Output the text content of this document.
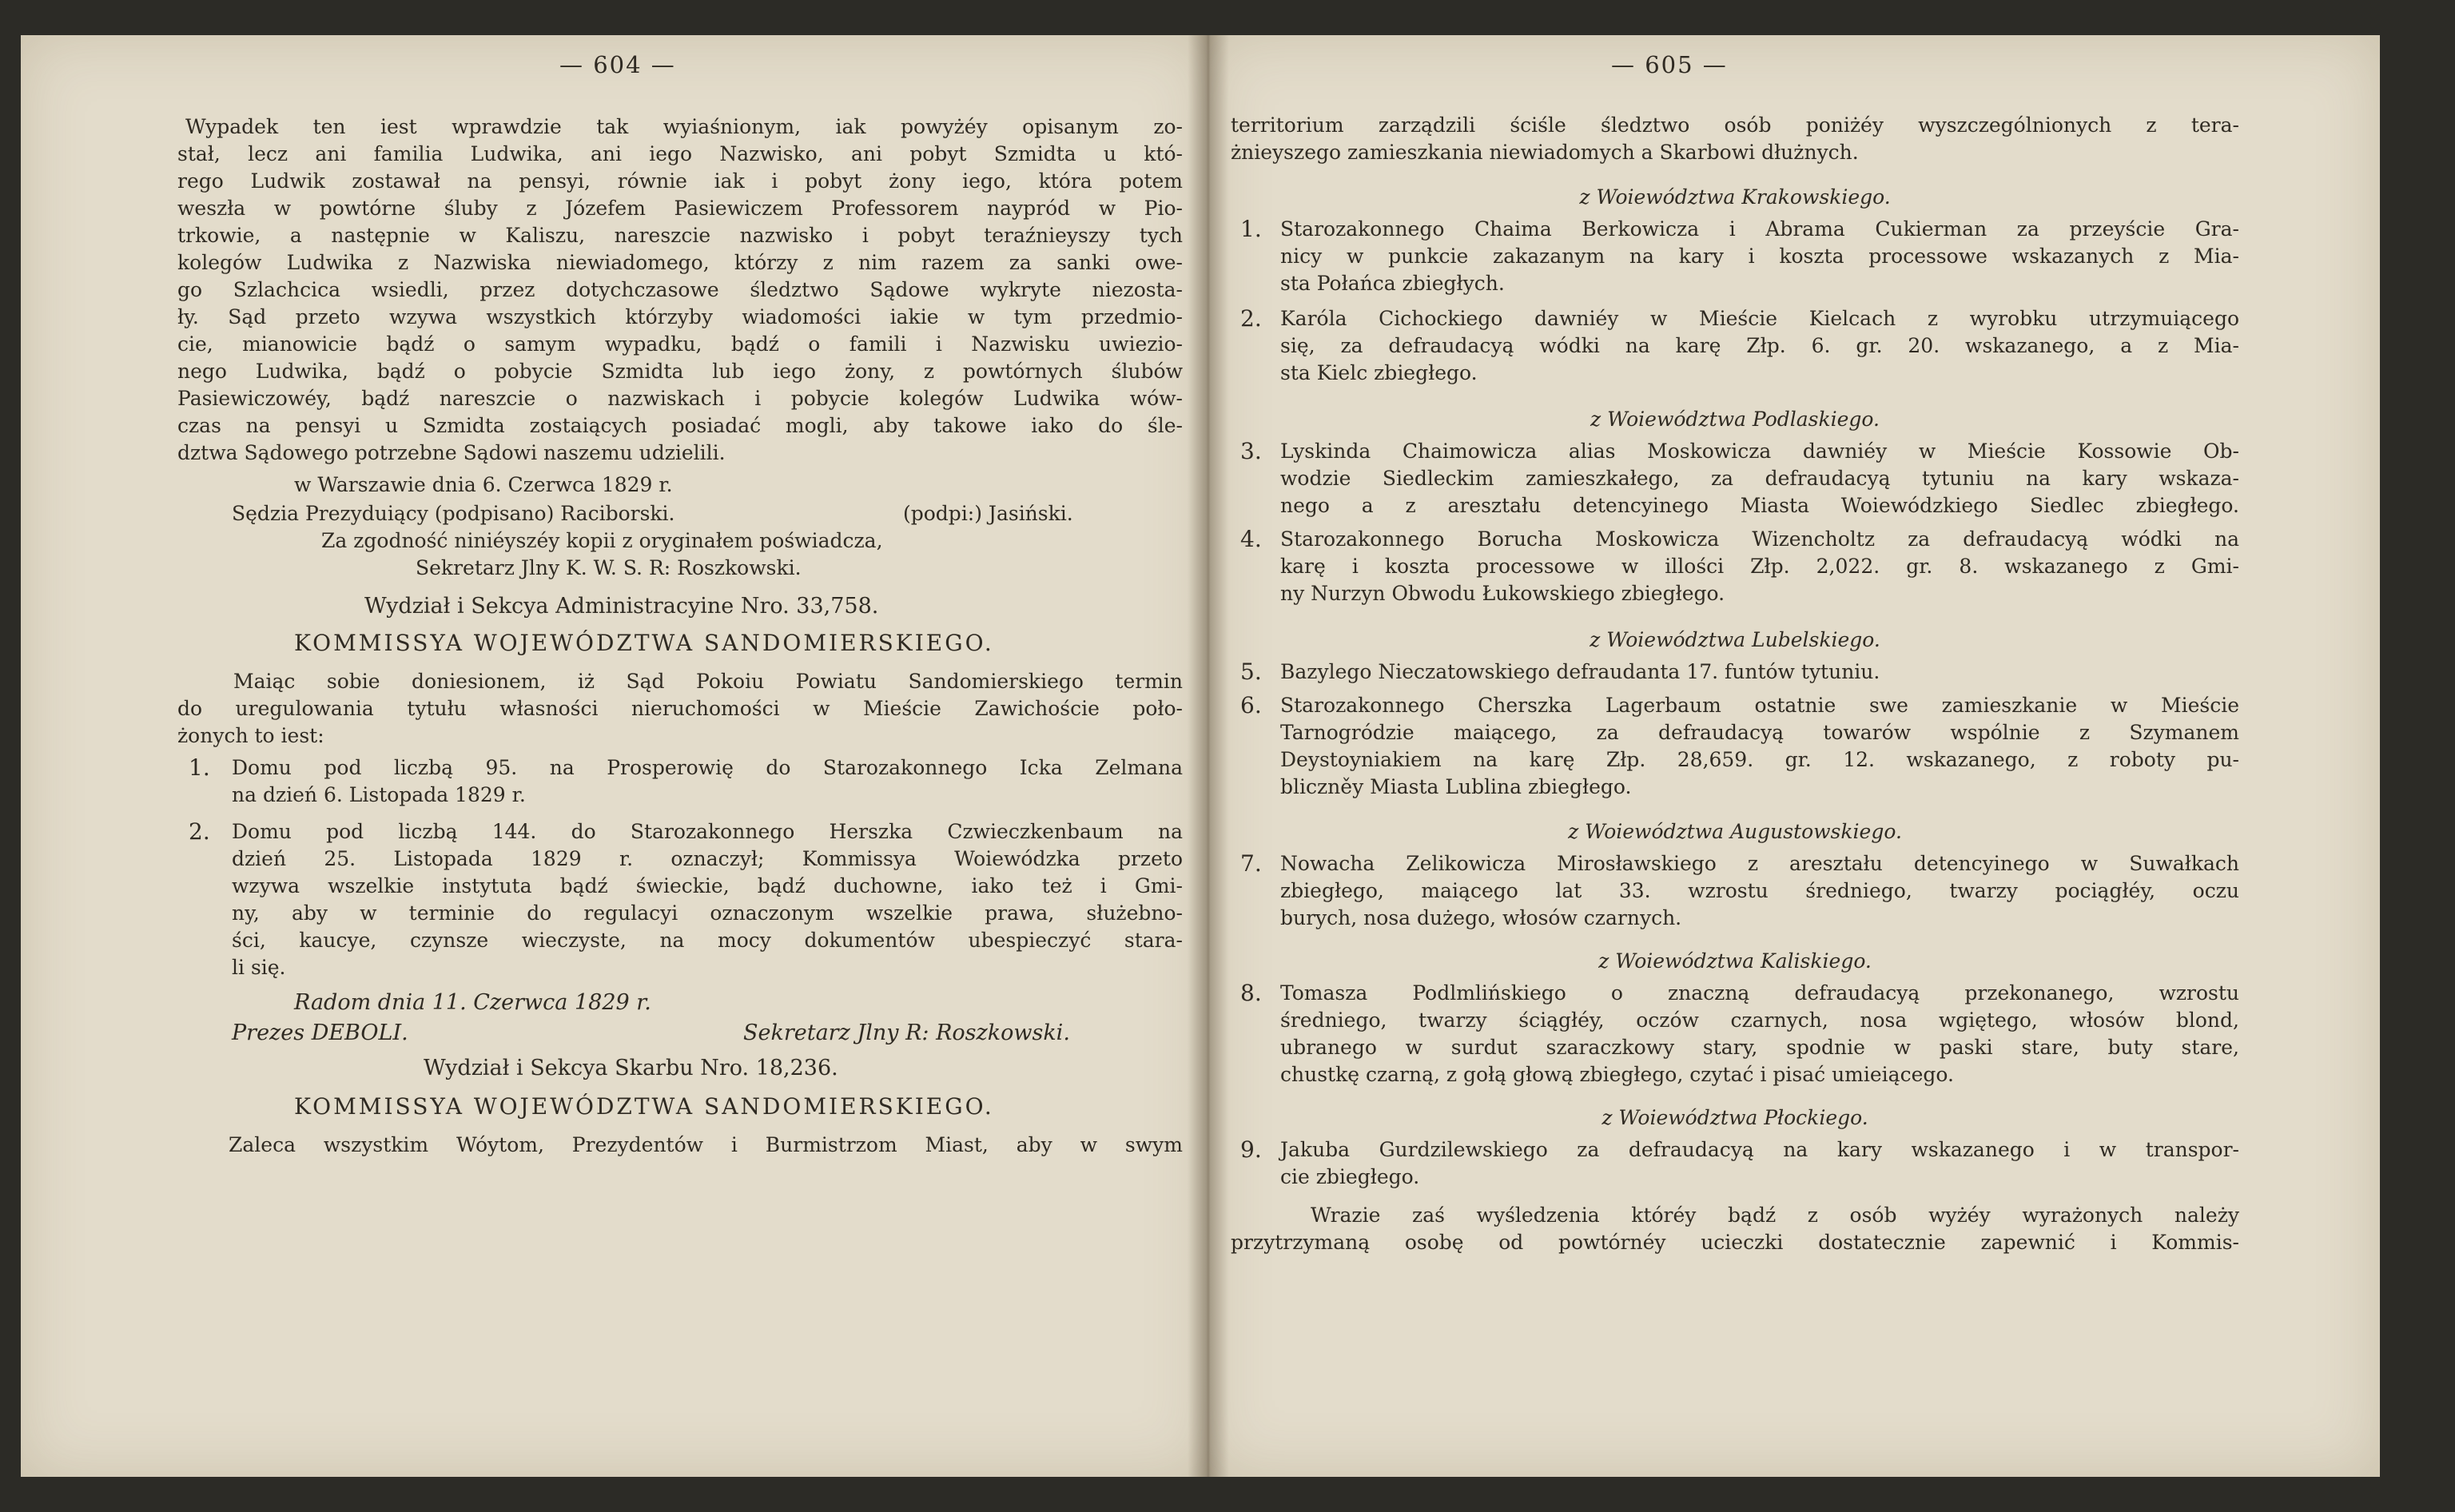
— 604 —
Wypadek ten iest wprawdzie tak wyiaśnionym, iak powyżéy opisanym zo-
stał, lecz ani familia Ludwika, ani iego Nazwisko, ani pobyt Szmidta u któ-
rego Ludwik zostawał na pensyi, równie iak i pobyt żony iego, która potem
weszła w powtórne śluby z Józefem Pasiewiczem Professorem naypród w Pio-
trkowie, a następnie w Kaliszu, nareszcie nazwisko i pobyt teraźnieyszy tych
kolegów Ludwika z Nazwiska niewiadomego, którzy z nim razem za sanki owe-
go Szlachcica wsiedli, przez dotychczasowe śledztwo Sądowe wykryte niezosta-
ły. Sąd przeto wzywa wszystkich którzyby wiadomości iakie w tym przedmio-
cie, mianowicie bądź o samym wypadku, bądź o famili i Nazwisku uwiezio-
nego Ludwika, bądź o pobycie Szmidta lub iego żony, z powtórnych ślubów
Pasiewiczowéy, bądź nareszcie o nazwiskach i pobycie kolegów Ludwika wów-
czas na pensyi u Szmidta zostaiących posiadać mogli, aby takowe iako do śle-
dztwa Sądowego potrzebne Sądowi naszemu udzielili.
w Warszawie dnia 6. Czerwca 1829 r.
Sędzia Prezyduiący (podpisano) Raciborski.	(podpi:) Jasiński.
Za zgodność niniéyszéy kopii z oryginałem poświadcza,
Sekretarz Jlny K. W. S. R: Roszkowski.
Wydział i Sekcya Administracyine Nro. 33,758.
KOMMISSYA WOJEWÓDZTWA SANDOMIERSKIEGO.
Maiąc sobie doniesionem, iż Sąd Pokoiu Powiatu Sandomierskiego termin
do uregulowania tytułu własności nieruchomości w Mieście Zawichoście poło-
żonych to iest:
1. Domu pod liczbą 95. na Prosperowię do Starozakonnego Icka Zelmana
na dzień 6. Listopada 1829 r.
2. Domu pod liczbą 144. do Starozakonnego Herszka Czwieczkenbaum na
dzień 25. Listopada 1829 r. oznaczył; Kommissya Woiewódzka przeto
wzywa wszelkie instytuta bądź świeckie, bądź duchowne, iako też i Gmi-
ny, aby w terminie do regulacyi oznaczonym wszelkie prawa, służebno-
ści, kaucye, czynsze wieczyste, na mocy dokumentów ubespieczyć stara-
li się.
Radom dnia 11. Czerwca 1829 r.
Prezes DEBOLI.	Sekretarz Jlny R: Roszkowski.
Wydział i Sekcya Skarbu Nro. 18,236.
KOMMISSYA WOJEWÓDZTWA SANDOMIERSKIEGO.
Zaleca wszystkim Wóytom, Prezydentów i Burmistrzom Miast, aby w swym
— 605 —
territorium zarządzili ściśle śledztwo osób poniżéy wyszczególnionych z tera-
żnieyszego zamieszkania niewiadomych a Skarbowi dłużnych.
z Woiewództwa Krakowskiego.
1. Starozakonnego Chaima Berkowicza i Abrama Cukierman za przeyście Gra-
nicy w punkcie zakazanym na kary i koszta processowe wskazanych z Mia-
sta Połańca zbiegłych.
2. Karóla Cichockiego dawniéy w Mieście Kielcach z wyrobku utrzymuiącego
się, za defraudacyą wódki na karę Złp. 6. gr. 20. wskazanego, a z Mia-
sta Kielc zbiegłego.
z Woiewództwa Podlaskiego.
3. Lyskinda Chaimowicza alias Moskowicza dawniéy w Mieście Kossowie Ob-
wodzie Siedleckim zamieszkałego, za defraudacyą tytuniu na kary wskaza-
nego a z areształu detencyinego Miasta Woiewódzkiego Siedlec zbiegłego.
4. Starozakonnego Borucha Moskowicza Wizencholtz za defraudacyą wódki na
karę i koszta processowe w illości Złp. 2,022. gr. 8. wskazanego z Gmi-
ny Nurzyn Obwodu Łukowskiego zbiegłego.
z Woiewództwa Lubelskiego.
5. Bazylego Nieczatowskiego defraudanta 17. funtów tytuniu.
6. Starozakonnego Cherszka Lagerbaum ostatnie swe zamieszkanie w Mieście
Tarnogródzie maiącego, za defraudacyą towarów wspólnie z Szymanem
Deystoyniakiem na karę Złp. 28,659. gr. 12. wskazanego, z roboty pu-
bliczněy Miasta Lublina zbiegłego.
z Woiewództwa Augustowskiego.
7. Nowacha Zelikowicza Mirosławskiego z areształu detencyinego w Suwałkach
zbiegłego, maiącego lat 33. wzrostu średniego, twarzy pociągłéy, oczu
burych, nosa dużego, włosów czarnych.
z Woiewództwa Kaliskiego.
8. Tomasza Podlmlińskiego o znaczną defraudacyą przekonanego, wzrostu
średniego, twarzy ściągłéy, oczów czarnych, nosa wgiętego, włosów blond,
ubranego w surdut szaraczkowy stary, spodnie w paski stare, buty stare,
chustkę czarną, z gołą głową zbiegłego, czytać i pisać umieiącego.
z Woiewództwa Płockiego.
9. Jakuba Gurdzilewskiego za defraudacyą na kary wskazanego i w transpor-
cie zbiegłego.
Wrazie zaś wyśledzenia któréy bądź z osób wyżéy wyrażonych należy
przytrzymaną osobę od powtórnéy ucieczki dostatecznie zapewnić i Kommis-
